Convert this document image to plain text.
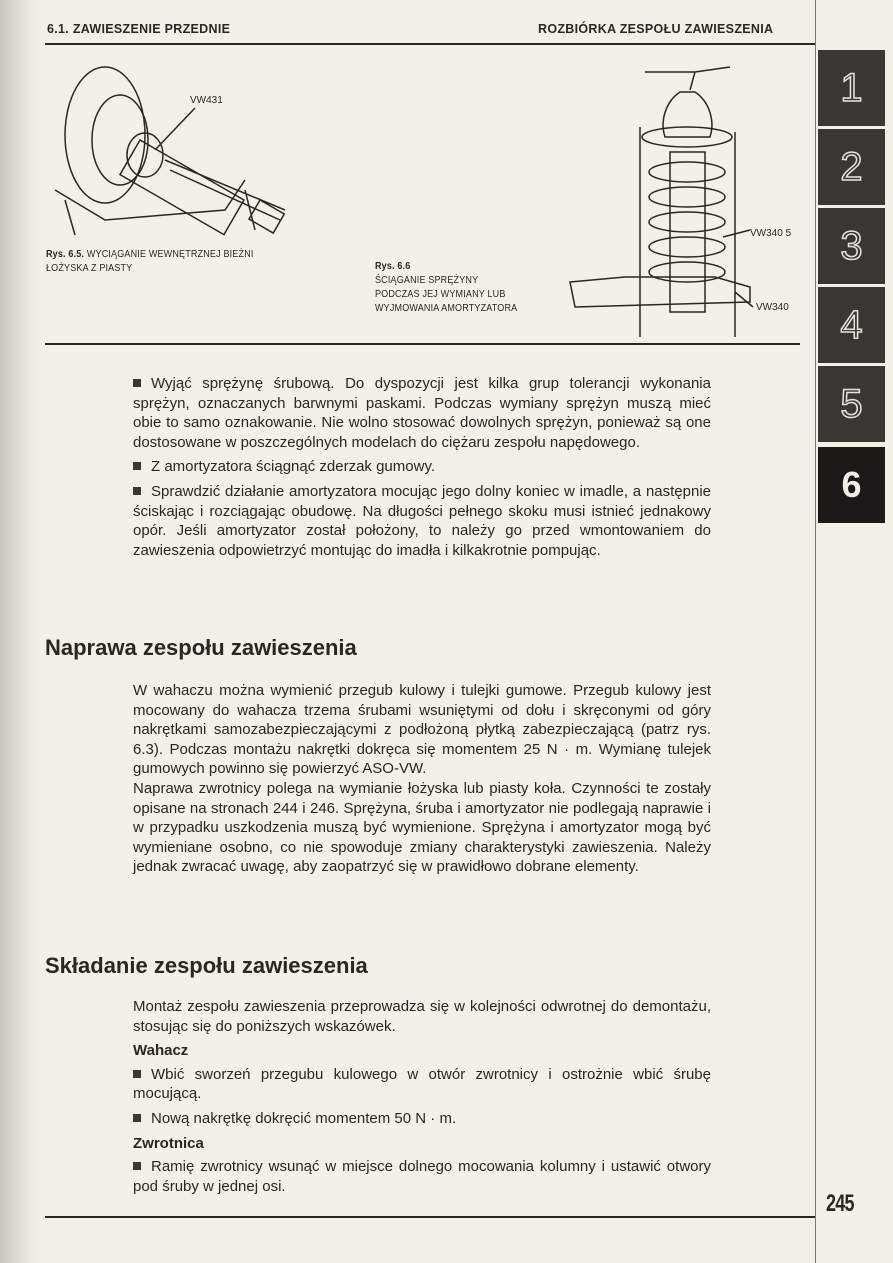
6.1. ZAWIESZENIE PRZEDNIE	ROZBIÓRKA ZESPOŁU ZAWIESZENIA
1
2
3
4
5
6
VW431
Rys. 6.5. WYCIĄGANIE WEWNĘTRZNEJ BIEŻNI ŁOŻYSKA Z PIASTY
VW340 5
VW340
Rys. 6.6
ŚCIĄGANIE SPRĘŻYNY
PODCZAS JEJ WYMIANY LUB
WYJMOWANIA AMORTYZATORA

Wyjąć sprężynę śrubową. Do dyspozycji jest kilka grup tolerancji wykonania sprężyn, oznaczanych barwnymi paskami. Podczas wymiany sprężyn muszą mieć obie to samo oznakowanie. Nie wolno stosować dowolnych sprężyn, ponieważ są one dostosowane w poszczególnych modelach do ciężaru zespołu napędowego.

Z amortyzatora ściągnąć zderzak gumowy.

Sprawdzić działanie amortyzatora mocując jego dolny koniec w imadle, a następnie ściskając i rozciągając obudowę. Na długości pełnego skoku musi istnieć jednakowy opór. Jeśli amortyzator został położony, to należy go przed wmontowaniem do zawieszenia odpowietrzyć montując do imadła i kilkakrotnie pompując.

Naprawa zespołu zawieszenia

W wahaczu można wymienić przegub kulowy i tulejki gumowe. Przegub kulowy jest mocowany do wahacza trzema śrubami wsuniętymi od dołu i skręconymi od góry nakrętkami samozabezpieczającymi z podłożoną płytką zabezpieczającą (patrz rys. 6.3). Podczas montażu nakrętki dokręca się momentem 25 N · m. Wymianę tulejek gumowych powinno się powierzyć ASO-VW.

Naprawa zwrotnicy polega na wymianie łożyska lub piasty koła. Czynności te zostały opisane na stronach 244 i 246. Sprężyna, śruba i amortyzator nie podlegają naprawie i w przypadku uszkodzenia muszą być wymienione. Sprężyna i amortyzator mogą być wymieniane osobno, co nie spowoduje zmiany charakterystyki zawieszenia. Należy jednak zwracać uwagę, aby zaopatrzyć się w prawidłowo dobrane elementy.

Składanie zespołu zawieszenia

Montaż zespołu zawieszenia przeprowadza się w kolejności odwrotnej do demontażu, stosując się do poniższych wskazówek.

Wahacz

Wbić sworzeń przegubu kulowego w otwór zwrotnicy i ostrożnie wbić śrubę mocującą.

Nową nakrętkę dokręcić momentem 50 N · m.

Zwrotnica

Ramię zwrotnicy wsunąć w miejsce dolnego mocowania kolumny i ustawić otwory pod śruby w jednej osi.

245
